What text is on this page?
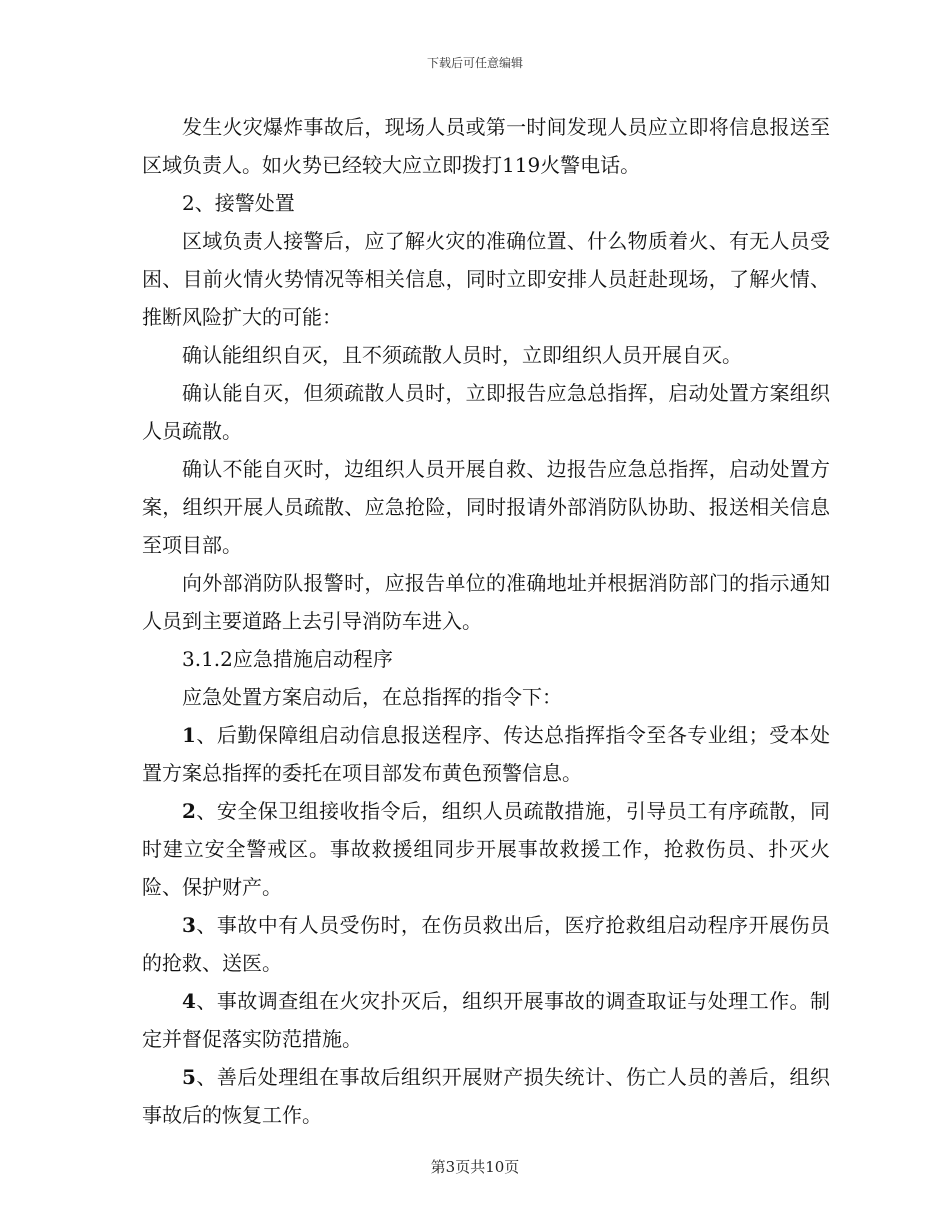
下载后可任意编辑

发生火灾爆炸事故后，现场人员或第一时间发现人员应立即将信息报送至区域负责人。如火势已经较大应立即拨打119火警电话。

2、接警处置

区域负责人接警后，应了解火灾的准确位置、什么物质着火、有无人员受困、目前火情火势情况等相关信息，同时立即安排人员赶赴现场，了解火情、推断风险扩大的可能：

确认能组织自灭，且不须疏散人员时，立即组织人员开展自灭。

确认能自灭，但须疏散人员时，立即报告应急总指挥，启动处置方案组织人员疏散。

确认不能自灭时，边组织人员开展自救、边报告应急总指挥，启动处置方案，组织开展人员疏散、应急抢险，同时报请外部消防队协助、报送相关信息至项目部。

向外部消防队报警时，应报告单位的准确地址并根据消防部门的指示通知人员到主要道路上去引导消防车进入。

3.1.2应急措施启动程序

应急处置方案启动后，在总指挥的指令下：

1、后勤保障组启动信息报送程序、传达总指挥指令至各专业组；受本处置方案总指挥的委托在项目部发布黄色预警信息。

2、安全保卫组接收指令后，组织人员疏散措施，引导员工有序疏散，同时建立安全警戒区。事故救援组同步开展事故救援工作，抢救伤员、扑灭火险、保护财产。

3、事故中有人员受伤时，在伤员救出后，医疗抢救组启动程序开展伤员的抢救、送医。

4、事故调查组在火灾扑灭后，组织开展事故的调查取证与处理工作。制定并督促落实防范措施。

5、善后处理组在事故后组织开展财产损失统计、伤亡人员的善后，组织事故后的恢复工作。

第3页共10页
